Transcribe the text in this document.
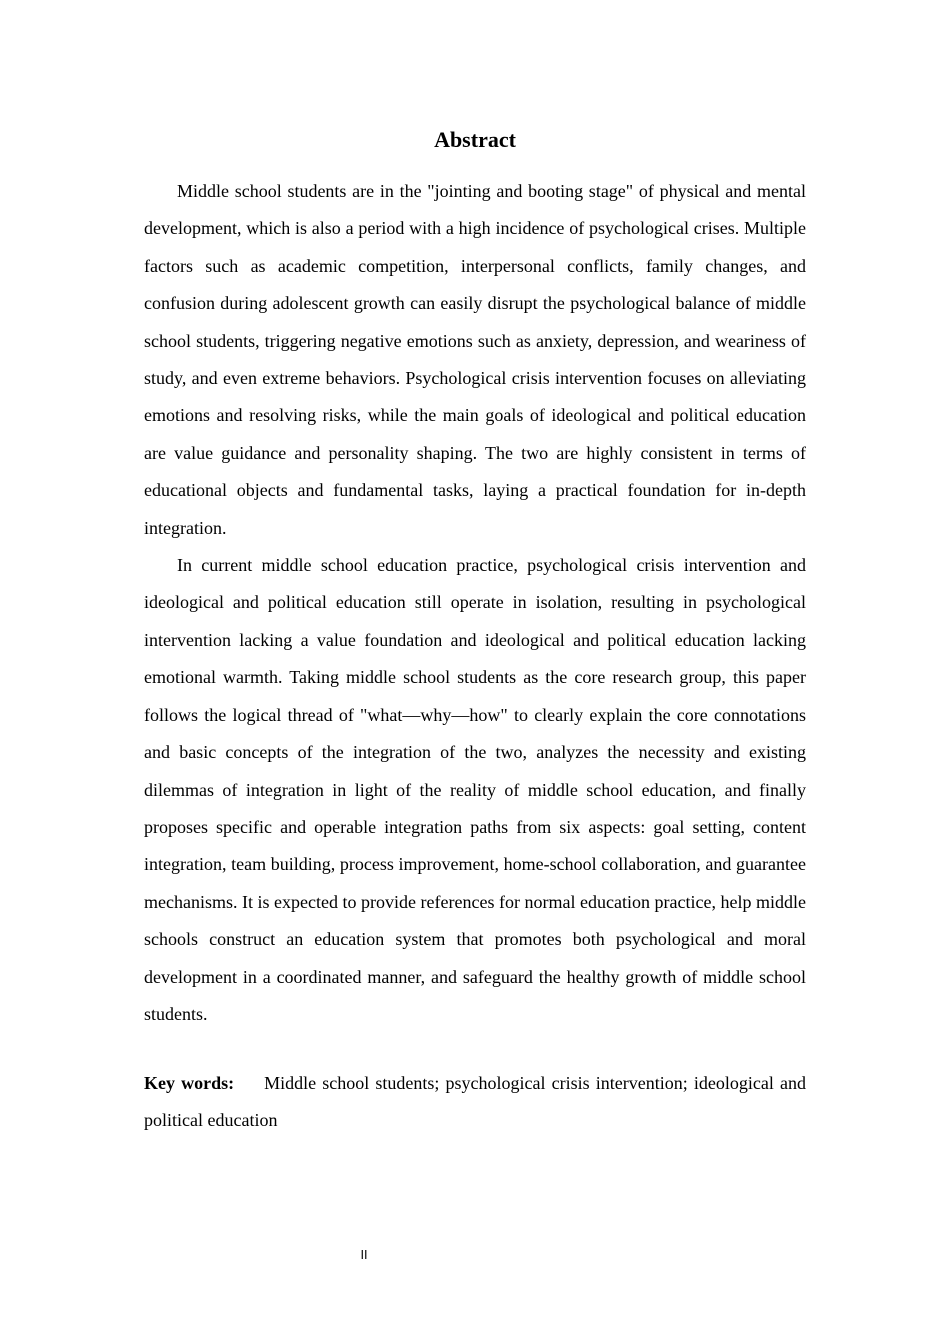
Abstract

Middle school students are in the "jointing and booting stage" of physical and mental development, which is also a period with a high incidence of psychological crises. Multiple factors such as academic competition, interpersonal conflicts, family changes, and confusion during adolescent growth can easily disrupt the psychological balance of middle school students, triggering negative emotions such as anxiety, depression, and weariness of study, and even extreme behaviors. Psychological crisis intervention focuses on alleviating emotions and resolving risks, while the main goals of ideological and political education are value guidance and personality shaping. The two are highly consistent in terms of educational objects and fundamental tasks, laying a practical foundation for in-depth integration.

In current middle school education practice, psychological crisis intervention and ideological and political education still operate in isolation, resulting in psychological intervention lacking a value foundation and ideological and political education lacking emotional warmth. Taking middle school students as the core research group, this paper follows the logical thread of "what—why—how" to clearly explain the core connotations and basic concepts of the integration of the two, analyzes the necessity and existing dilemmas of integration in light of the reality of middle school education, and finally proposes specific and operable integration paths from six aspects: goal setting, content integration, team building, process improvement, home-school collaboration, and guarantee mechanisms. It is expected to provide references for normal education practice, help middle schools construct an education system that promotes both psychological and moral development in a coordinated manner, and safeguard the healthy growth of middle school students.

Key words: Middle school students; psychological crisis intervention; ideological and political education

II
